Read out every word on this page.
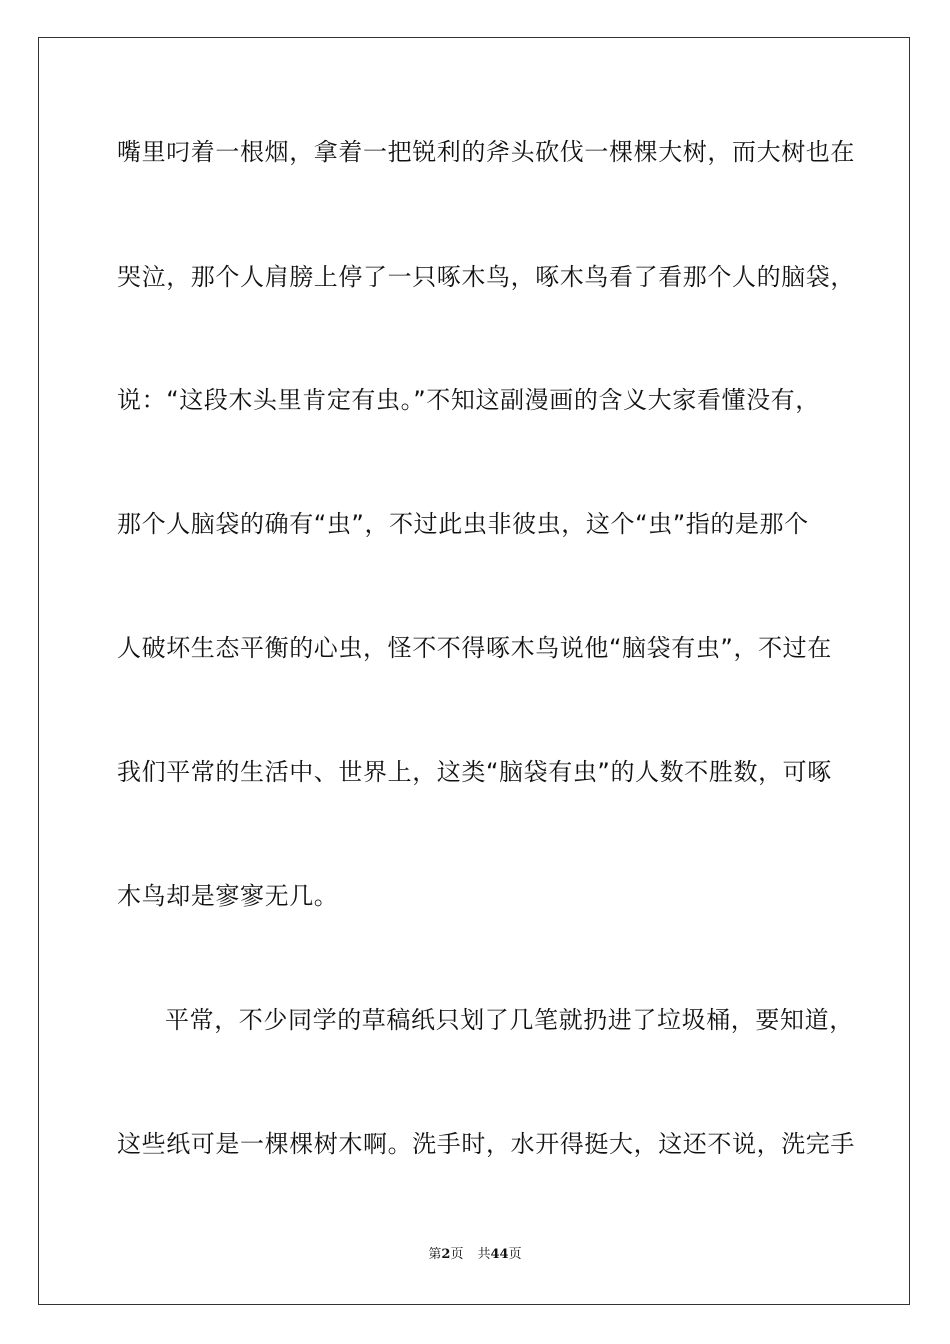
嘴里叼着一根烟，拿着一把锐利的斧头砍伐一棵棵大树，而大树也在
哭泣，那个人肩膀上停了一只啄木鸟，啄木鸟看了看那个人的脑袋，
说：“这段木头里肯定有虫。”不知这副漫画的含义大家看懂没有，
那个人脑袋的确有“虫”，不过此虫非彼虫，这个“虫”指的是那个
人破坏生态平衡的心虫，怪不不得啄木鸟说他“脑袋有虫”，不过在
我们平常的生活中、世界上，这类“脑袋有虫”的人数不胜数，可啄
木鸟却是寥寥无几。
平常，不少同学的草稿纸只划了几笔就扔进了垃圾桶，要知道，
这些纸可是一棵棵树木啊。洗手时，水开得挺大，这还不说，洗完手
第2页 共44页
